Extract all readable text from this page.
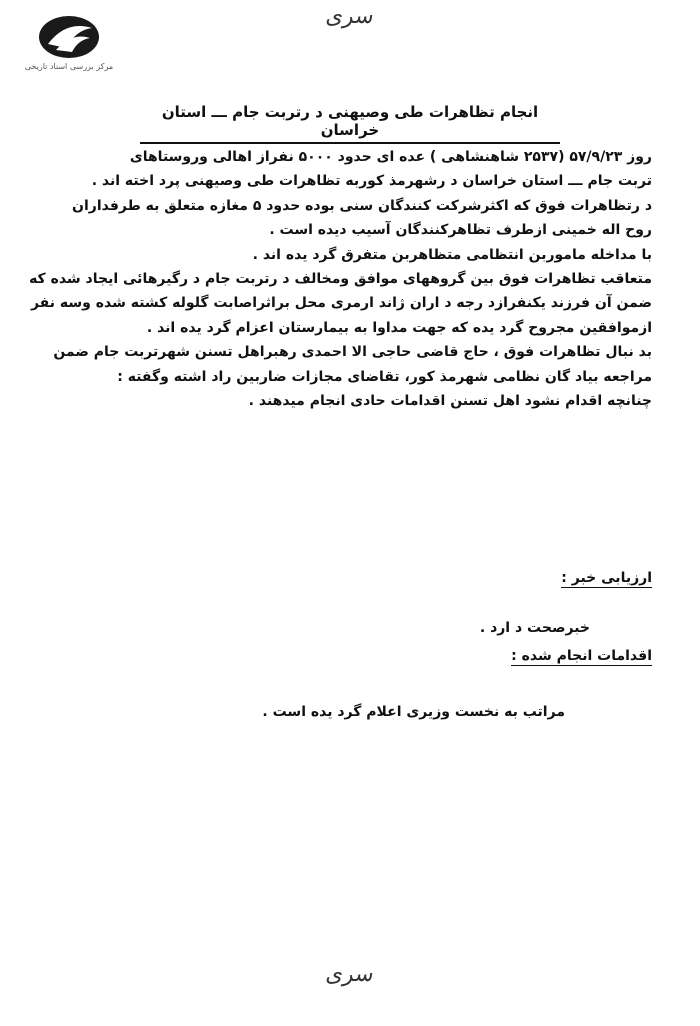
سری
مرکز بررسی اسناد تاریخی
انجام تظاهرات طی وصیهنی د رتربت جام ـــ استان خراسان

روز ۵۷/۹/۲۳ (۲۵۳۷ شاهنشاهی ) عده ای حدود ۵۰۰۰ نفراز اهالی وروستاهای

تربت جام ـــ استان خراسان د رشهرمذ کوربه تظاهرات طی وصیهنی پرد اخته اند .

د رتظاهرات فوق که اکثرشرکت کنندگان سنی بوده حدود ۵ مغازه متعلق به طرفداران

روح اله خمینی ازطرف تظاهرکنندگان آسیب دیده است .

با مداخله ماموربن انتظامی متظاهربن متفرق گرد یده اند .

متعاقب تظاهرات فوق بین گروههای موافق ومخالف د رتربت جام د رگیرهائی ایجاد شده که

ضمن آن فرزند یکنفرازد رجه د اران ژاند ارمری محل براثراصابت گلوله کشته شده وسه نفر

ازموافقین مجروح گرد یده که جهت مداوا به بیمارستان اعزام گرد یده اند .

بد نبال تظاهرات فوق ، حاج قاضی حاجی الا احمدی رهبراهل تسنن شهرتربت جام ضمن

مراجعه بیاد گان نظامی شهرمذ کور، تقاضای مجازات ضاربین راد اشته وگفته :

چنانچه اقدام نشود اهل تسنن اقدامات حادی انجام میدهند .

ارزیابی خبر :
خبرصحت د ارد .
اقدامات انجام شده :
مراتب به نخست وزیری اعلام گرد یده است .
سری
